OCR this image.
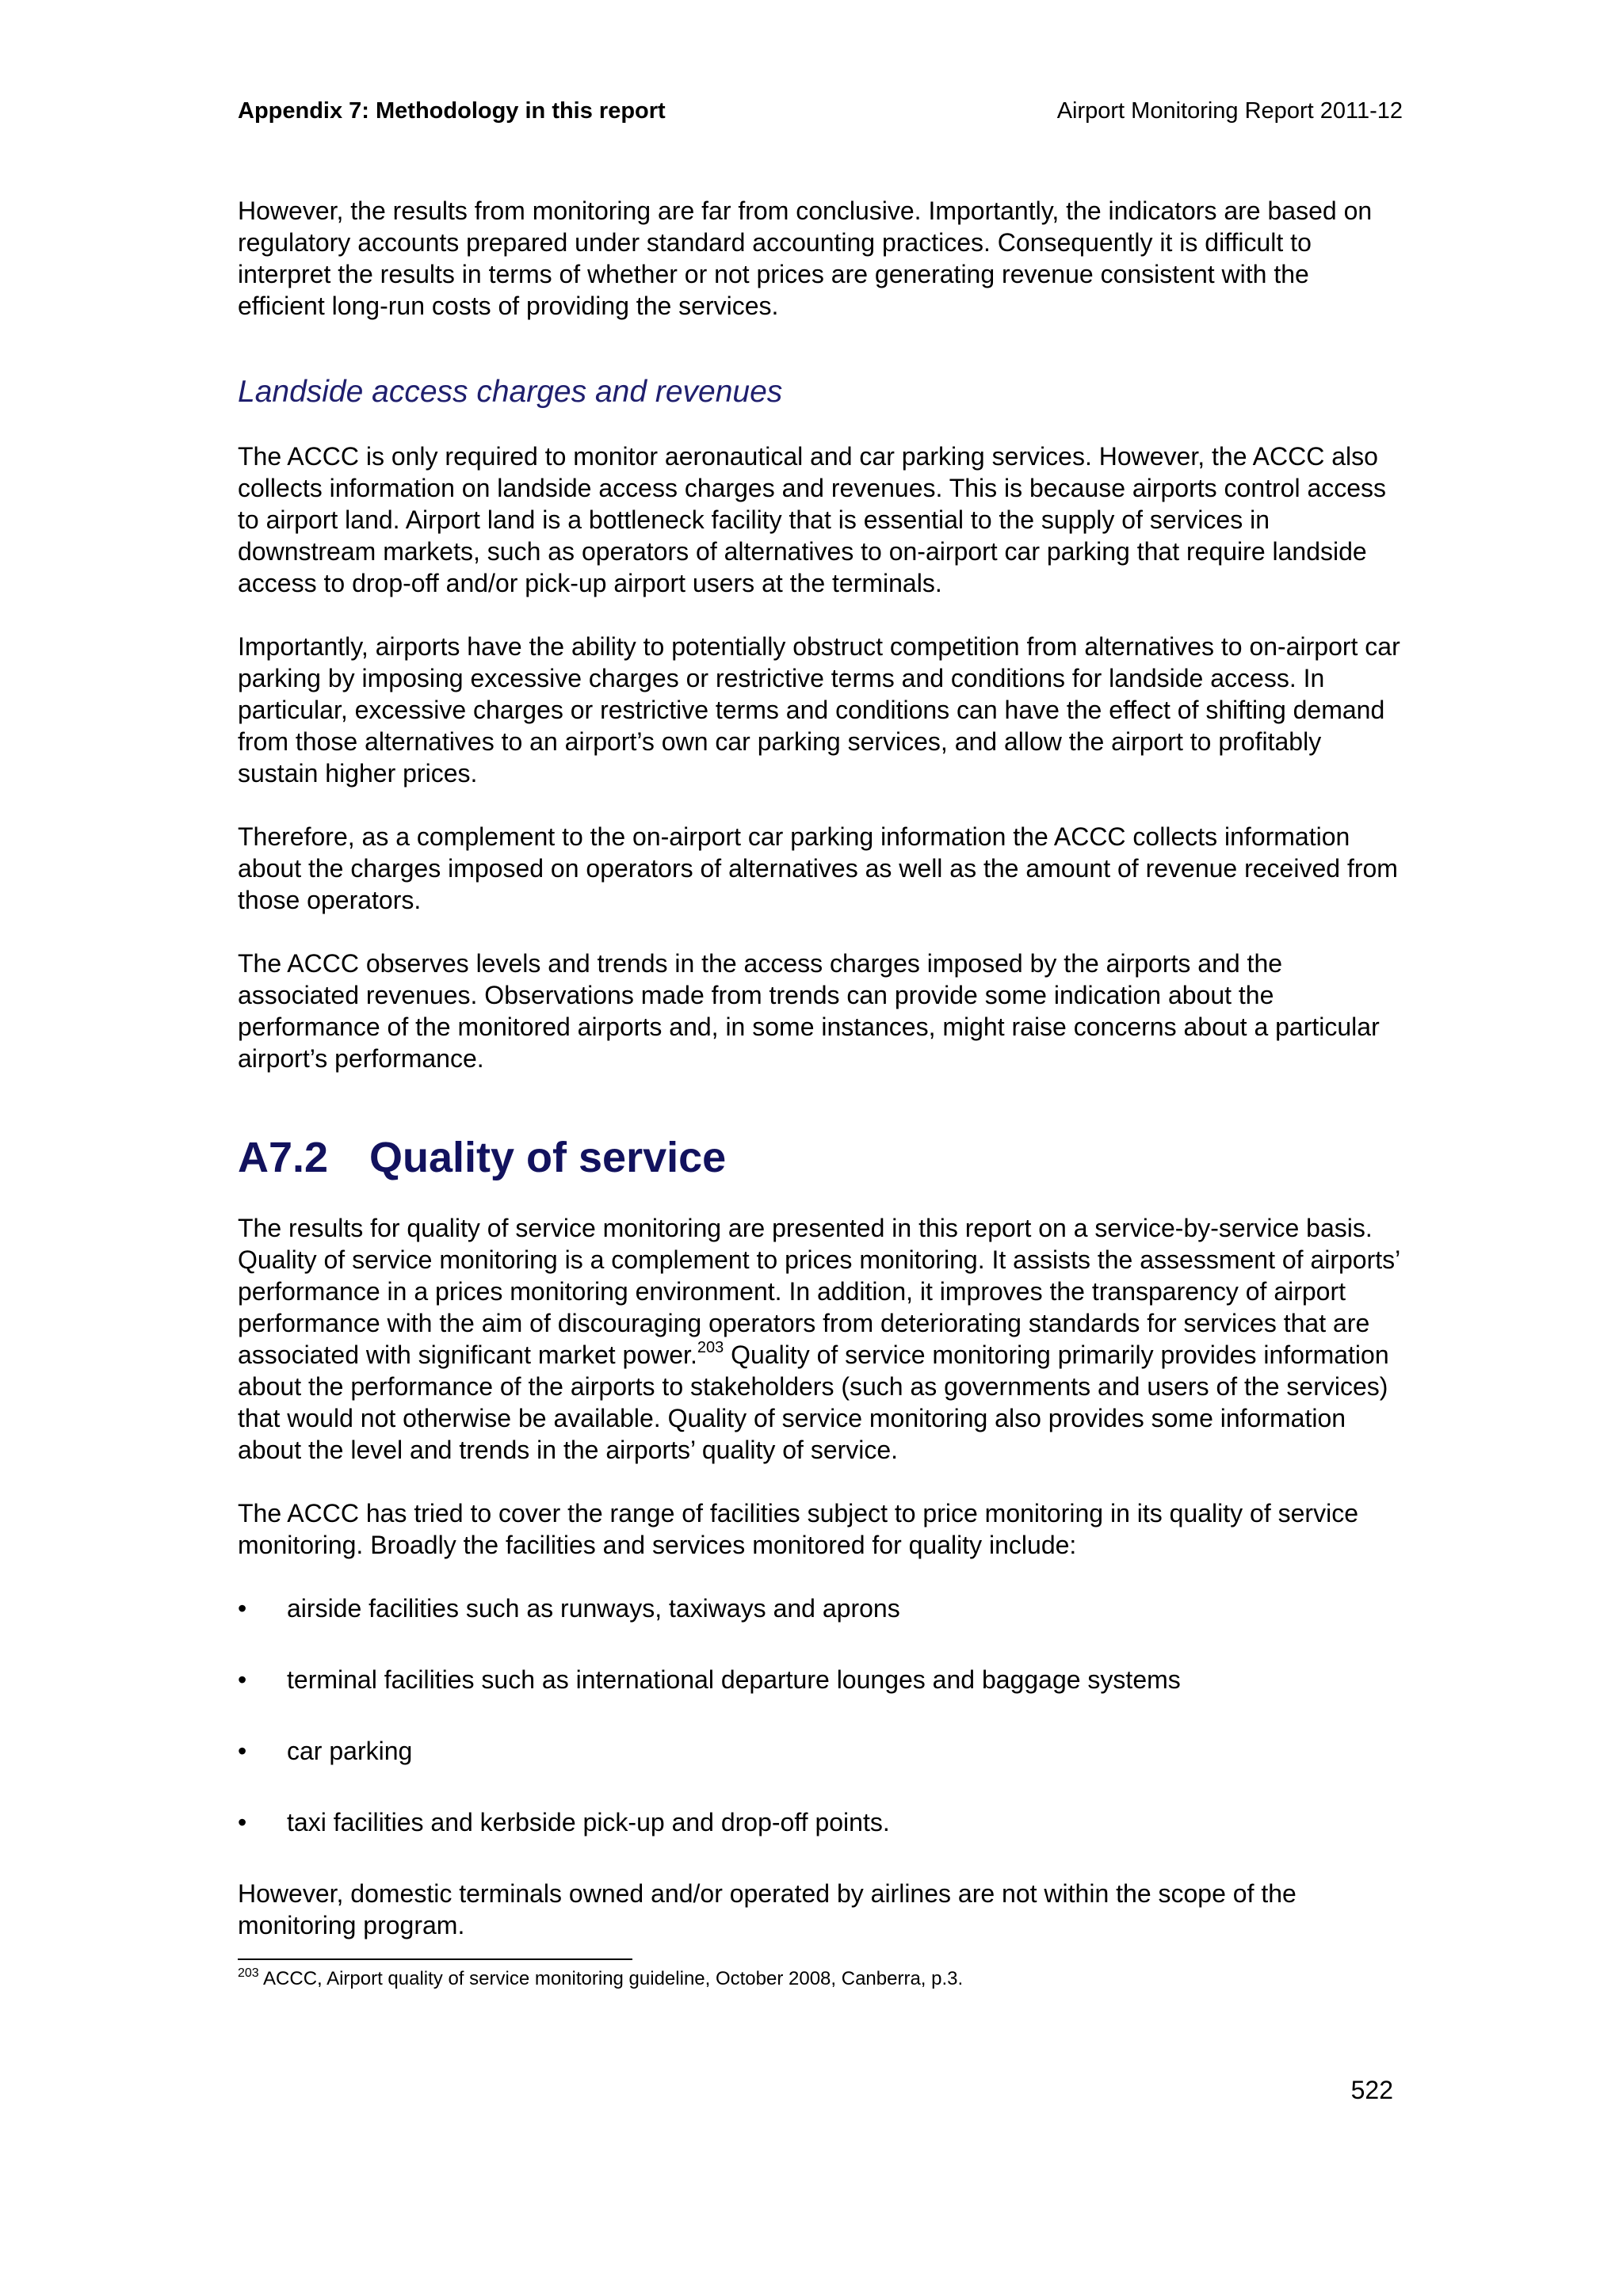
Appendix 7: Methodology in this report	Airport Monitoring Report 2011-12

However, the results from monitoring are far from conclusive. Importantly, the indicators are based on regulatory accounts prepared under standard accounting practices. Consequently it is difficult to interpret the results in terms of whether or not prices are generating revenue consistent with the efficient long-run costs of providing the services.

Landside access charges and revenues

The ACCC is only required to monitor aeronautical and car parking services. However, the ACCC also collects information on landside access charges and revenues. This is because airports control access to airport land. Airport land is a bottleneck facility that is essential to the supply of services in downstream markets, such as operators of alternatives to on-airport car parking that require landside access to drop-off and/or pick-up airport users at the terminals.

Importantly, airports have the ability to potentially obstruct competition from alternatives to on-airport car parking by imposing excessive charges or restrictive terms and conditions for landside access. In particular, excessive charges or restrictive terms and conditions can have the effect of shifting demand from those alternatives to an airport’s own car parking services, and allow the airport to profitably sustain higher prices.

Therefore, as a complement to the on-airport car parking information the ACCC collects information about the charges imposed on operators of alternatives as well as the amount of revenue received from those operators.

The ACCC observes levels and trends in the access charges imposed by the airports and the associated revenues. Observations made from trends can provide some indication about the performance of the monitored airports and, in some instances, might raise concerns about a particular airport’s performance.

A7.2 Quality of service

The results for quality of service monitoring are presented in this report on a service-by-service basis. Quality of service monitoring is a complement to prices monitoring. It assists the assessment of airports’ performance in a prices monitoring environment. In addition, it improves the transparency of airport performance with the aim of discouraging operators from deteriorating standards for services that are associated with significant market power.$^{203}$ Quality of service monitoring primarily provides information about the performance of the airports to stakeholders (such as governments and users of the services) that would not otherwise be available. Quality of service monitoring also provides some information about the level and trends in the airports’ quality of service.

The ACCC has tried to cover the range of facilities subject to price monitoring in its quality of service monitoring. Broadly the facilities and services monitored for quality include:

•	airside facilities such as runways, taxiways and aprons
•	terminal facilities such as international departure lounges and baggage systems
•	car parking
•	taxi facilities and kerbside pick-up and drop-off points.

However, domestic terminals owned and/or operated by airlines are not within the scope of the monitoring program.

$^{203}$ ACCC, Airport quality of service monitoring guideline, October 2008, Canberra, p.3.

522
